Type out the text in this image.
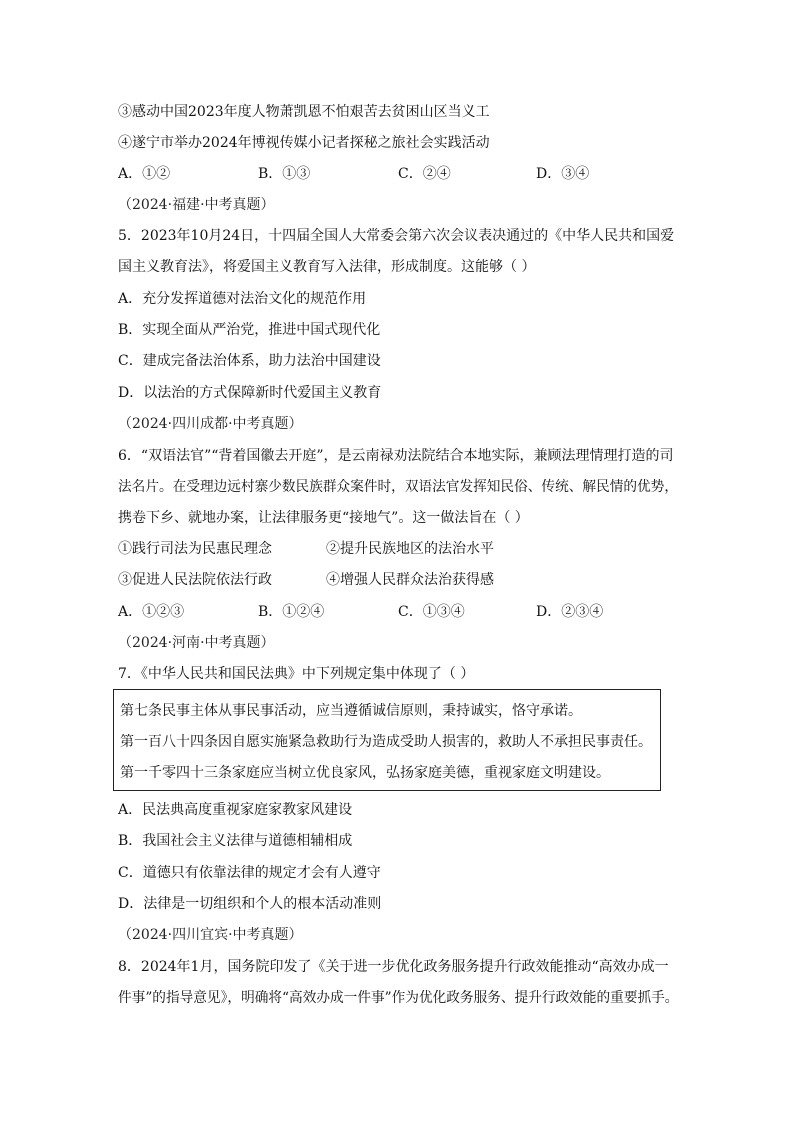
③感动中国2023年度人物萧凯恩不怕艰苦去贫困山区当义工
④遂宁市举办2024年博视传媒小记者探秘之旅社会实践活动
A．①②	B．①③	C．②④	D．③④
（2024·福建·中考真题）
5．2023年10月24日，十四届全国人大常委会第六次会议表决通过的《中华人民共和国爱
国主义教育法》，将爱国主义教育写入法律，形成制度。这能够（ ）
A．充分发挥道德对法治文化的规范作用
B．实现全面从严治党，推进中国式现代化
C．建成完备法治体系，助力法治中国建设
D．以法治的方式保障新时代爱国主义教育
（2024·四川成都·中考真题）
6．“双语法官”“背着国徽去开庭”，是云南禄劝法院结合本地实际，兼顾法理情理打造的司
法名片。在受理边远村寨少数民族群众案件时，双语法官发挥知民俗、传统、解民情的优势，
携卷下乡、就地办案，让法律服务更“接地气”。这一做法旨在（ ）
①践行司法为民惠民理念	②提升民族地区的法治水平
③促进人民法院依法行政	④增强人民群众法治获得感
A．①②③	B．①②④	C．①③④	D．②③④
（2024·河南·中考真题）
7．《中华人民共和国民法典》中下列规定集中体现了（ ）
第七条民事主体从事民事活动，应当遵循诚信原则，秉持诚实，恪守承诺。
第一百八十四条因自愿实施紧急救助行为造成受助人损害的，救助人不承担民事责任。
第一千零四十三条家庭应当树立优良家风，弘扬家庭美德，重视家庭文明建设。
A．民法典高度重视家庭家教家风建设
B．我国社会主义法律与道德相辅相成
C．道德只有依靠法律的规定才会有人遵守
D．法律是一切组织和个人的根本活动准则
（2024·四川宜宾·中考真题）
8．2024年1月，国务院印发了《关于进一步优化政务服务提升行政效能推动“高效办成一
件事”的指导意见》，明确将“高效办成一件事”作为优化政务服务、提升行政效能的重要抓手。
